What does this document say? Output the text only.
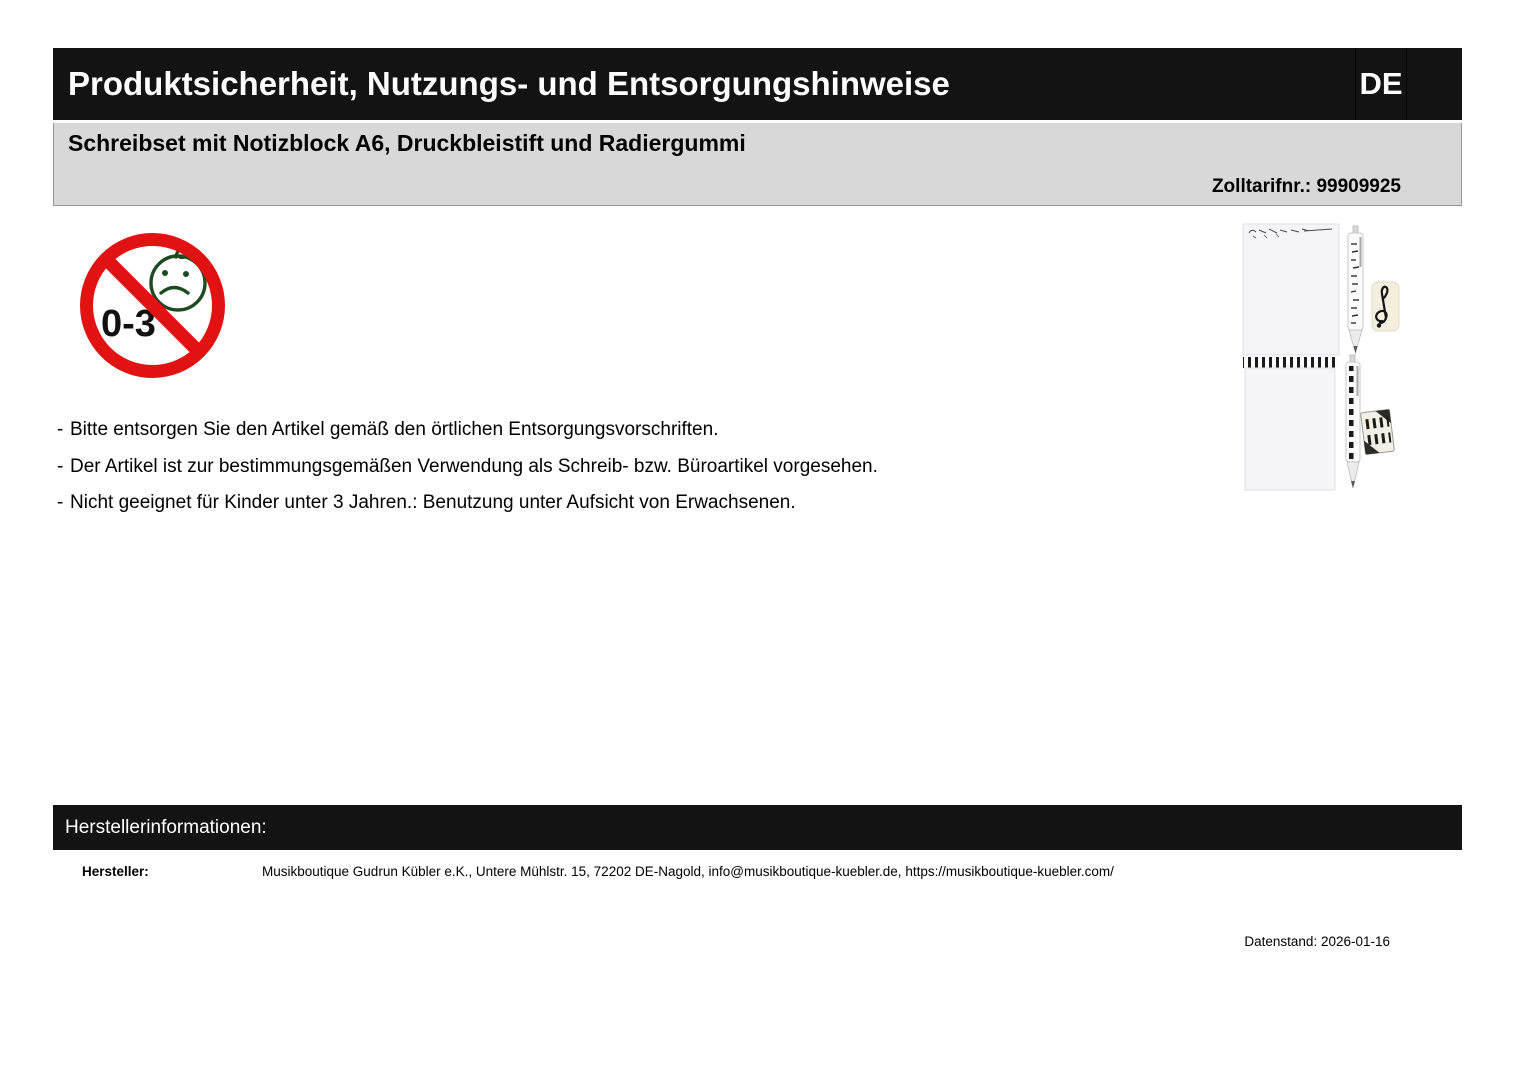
Produktsicherheit, Nutzungs- und Entsorgungshinweise	DE
Schreibset mit Notizblock A6, Druckbleistift und Radiergummi
Zolltarifnr.: 99909925
0-3
- Bitte entsorgen Sie den Artikel gemäß den örtlichen Entsorgungsvorschriften.
- Der Artikel ist zur bestimmungsgemäßen Verwendung als Schreib- bzw. Büroartikel vorgesehen.
- Nicht geeignet für Kinder unter 3 Jahren.: Benutzung unter Aufsicht von Erwachsenen.
Herstellerinformationen:
Hersteller:	Musikboutique Gudrun Kübler e.K., Untere Mühlstr. 15, 72202 DE-Nagold, info@musikboutique-kuebler.de, https://musikboutique-kuebler.com/
Datenstand: 2026-01-16
